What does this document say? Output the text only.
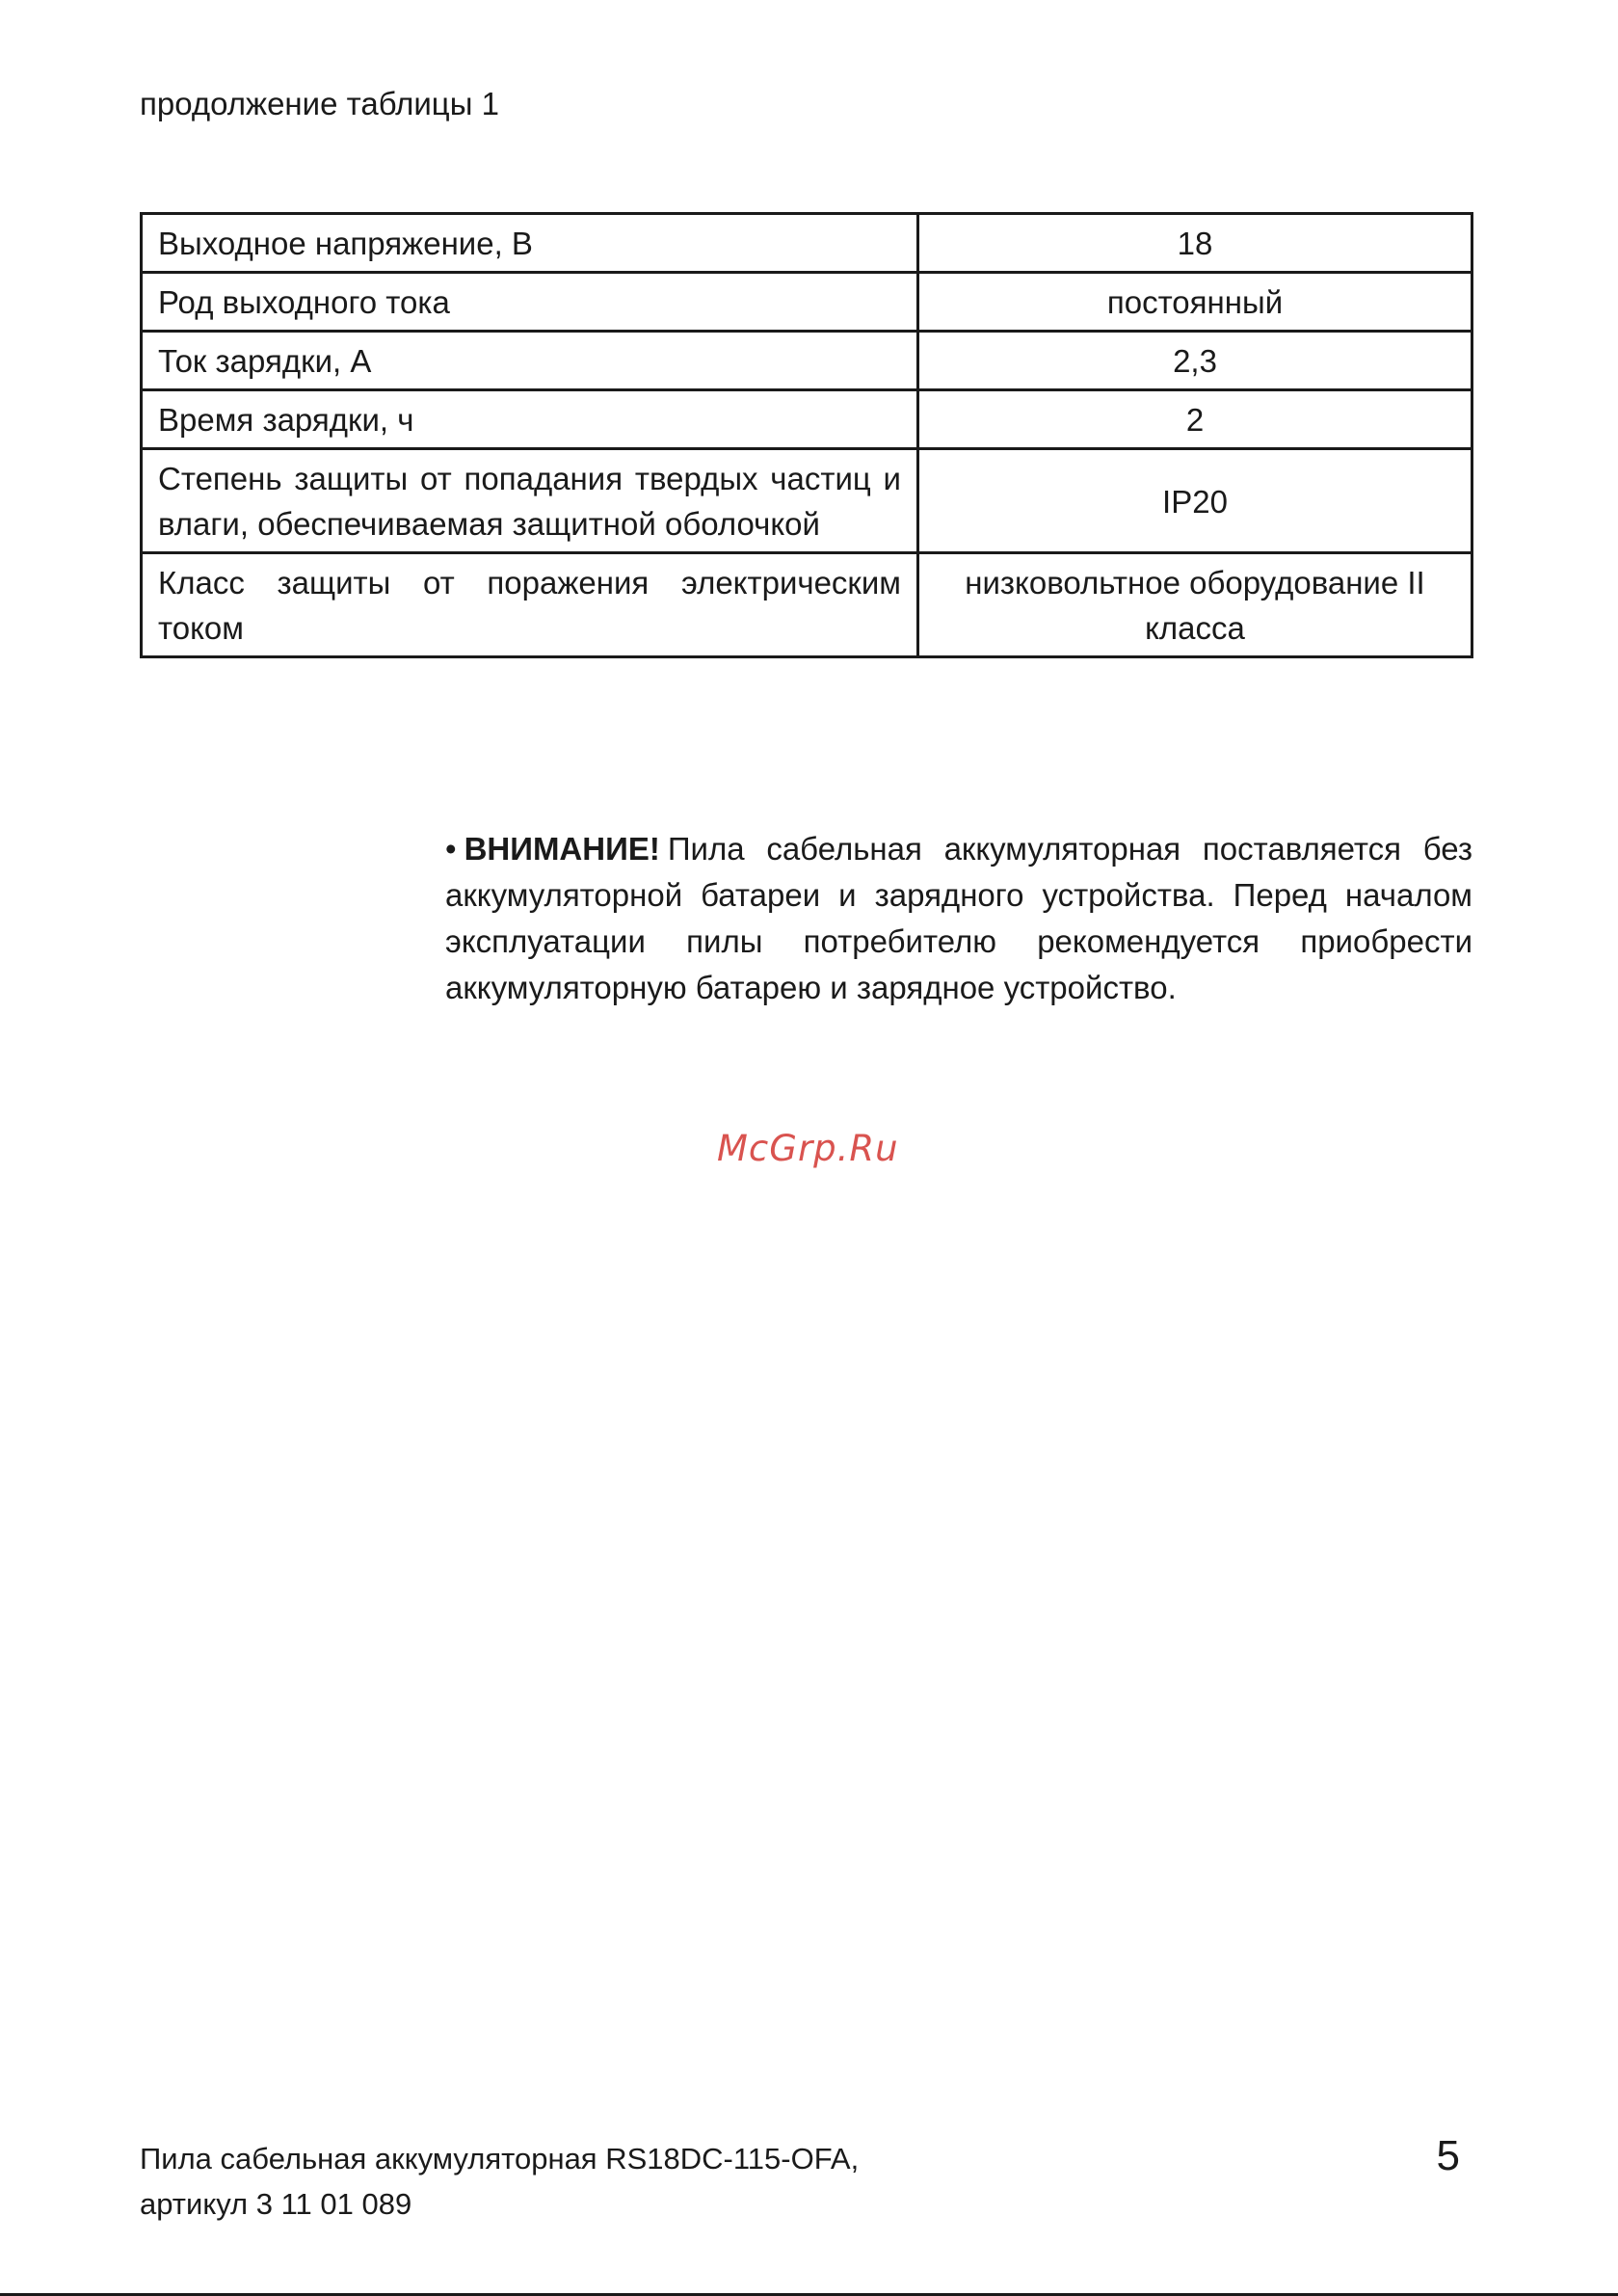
продолжение таблицы 1
Выходное напряжение, В	18
Род выходного тока	постоянный
Ток зарядки, А	2,3
Время зарядки, ч	2
Степень защиты от попадания твердых частиц и влаги, обеспечиваемая защитной оболочкой	IP20
Класс защиты от поражения электрическим током	низковольтное оборудование II класса
• ВНИМАНИЕ! Пила сабельная аккумуляторная поставляется без аккумуляторной батареи и зарядного устройства. Перед началом эксплуатации пилы потребителю рекомендуется приобрести аккумуляторную батарею и зарядное устройство.
McGrp.Ru
Пила сабельная аккумуляторная RS18DC-115-OFA,
артикул 3 11 01 089
5
